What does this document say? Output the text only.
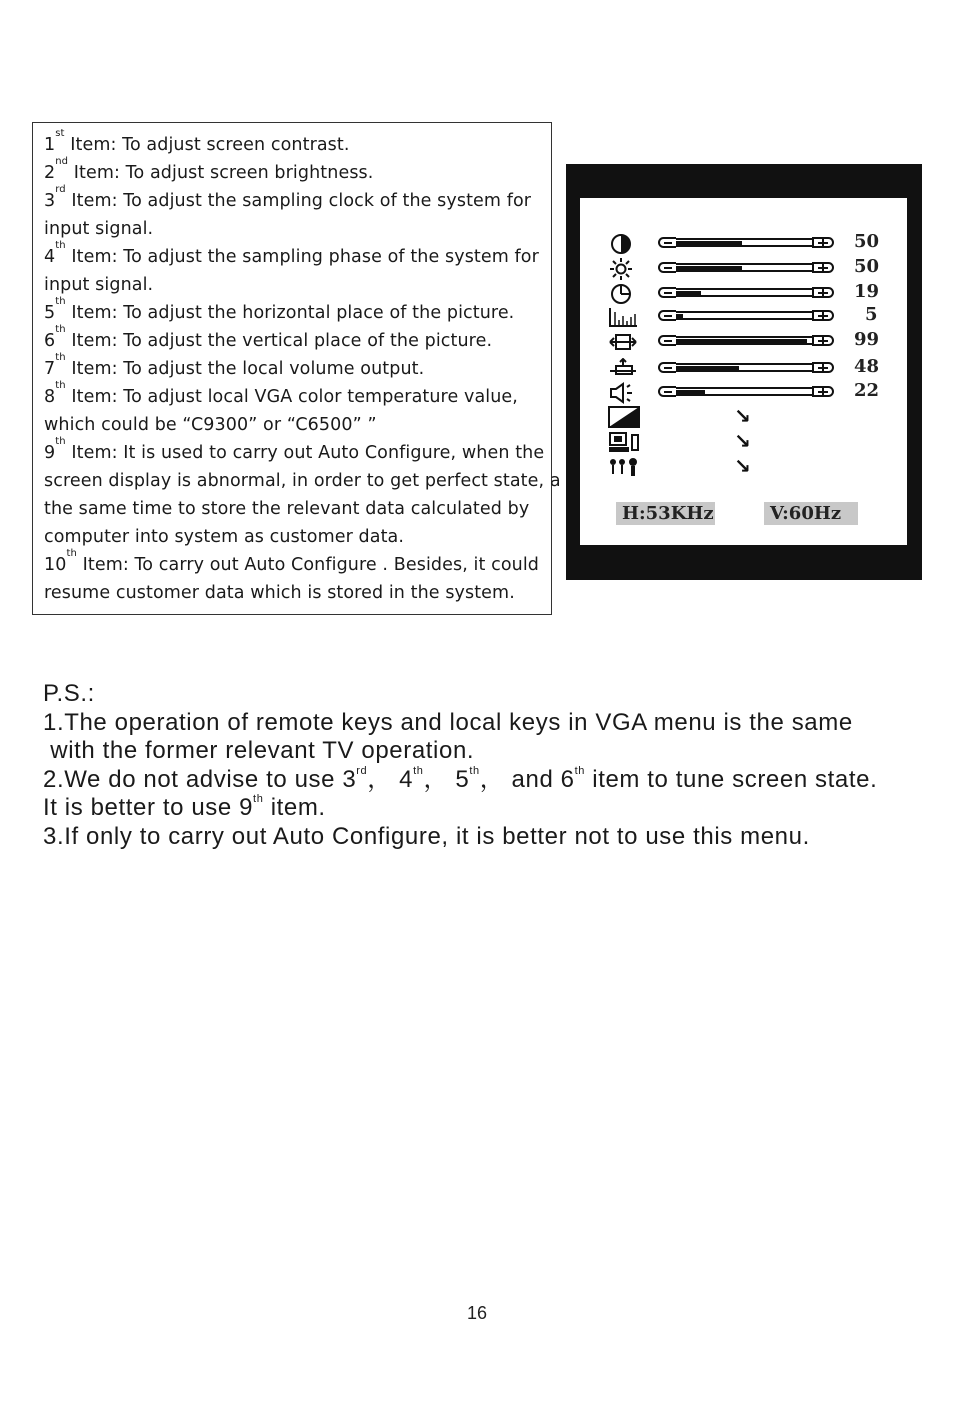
1st Item: To adjust screen contrast.
2nd Item: To adjust screen brightness.
3rd Item: To adjust the sampling clock of the system for
input signal.
4th Item: To adjust the sampling phase of the system for
input signal.
5th Item: To adjust the horizontal place of the picture.
6th Item: To adjust the vertical place of the picture.
7th Item: To adjust the local volume output.
8th Item: To adjust local VGA color temperature value,
which could be “C9300” or “C6500” ”
9th Item: It is used to carry out Auto Configure, when the
screen display is abnormal, in order to get perfect state, a
the same time to store the relevant data calculated by
computer into system as customer data.
10th Item: To carry out Auto Configure . Besides, it could
resume customer data which is stored in the system.
H:53KHz	V:60Hz
50
50
19
5
99
48
22
↘
↘
↘
P.S.:
1.The operation of remote keys and local keys in VGA menu is the same
with the former relevant TV operation.
2.We do not advise to use 3rd， 4th， 5th， and 6th item to tune screen state.
It is better to use 9th item.
3.If only to carry out Auto Configure, it is better not to use this menu.
16
